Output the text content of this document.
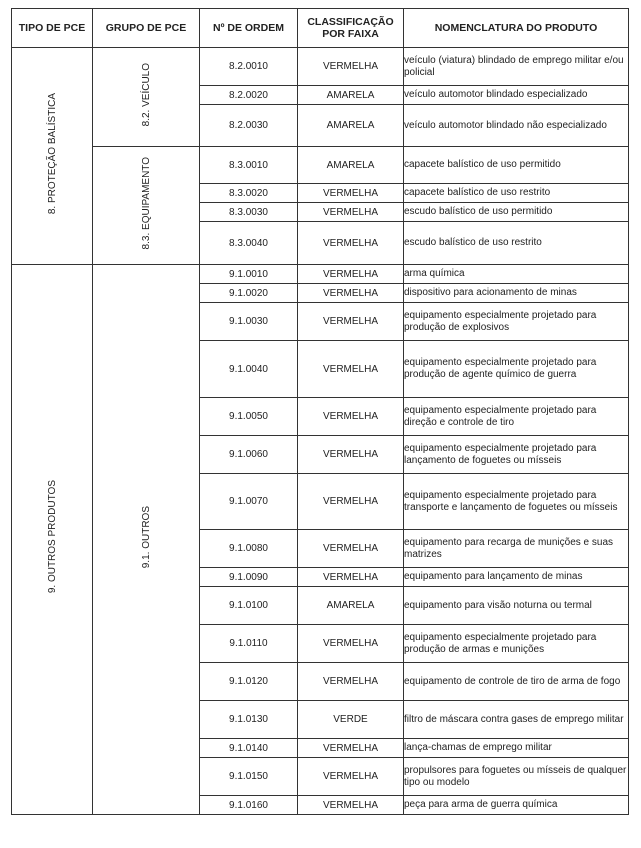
TIPO DE PCE	GRUPO DE PCE	Nº DE ORDEM	CLASSIFICAÇÃO POR FAIXA	NOMENCLATURA DO PRODUTO
8. PROTEÇÃO BALÍSTICA	8.2. VEÍCULO	8.2.0010	VERMELHA	veículo (viatura) blindado de emprego militar e/ou policial
		8.2.0020	AMARELA	veículo automotor blindado especializado
		8.2.0030	AMARELA	veículo automotor blindado não especializado
	8.3. EQUIPAMENTO	8.3.0010	AMARELA	capacete balístico de uso permitido
		8.3.0020	VERMELHA	capacete balístico de uso restrito
		8.3.0030	VERMELHA	escudo balístico de uso permitido
		8.3.0040	VERMELHA	escudo balístico de uso restrito
9. OUTROS PRODUTOS	9.1. OUTROS	9.1.0010	VERMELHA	arma química
		9.1.0020	VERMELHA	dispositivo para acionamento de minas
		9.1.0030	VERMELHA	equipamento especialmente projetado para produção de explosivos
		9.1.0040	VERMELHA	equipamento especialmente projetado para produção de agente químico de guerra
		9.1.0050	VERMELHA	equipamento especialmente projetado para direção e controle de tiro
		9.1.0060	VERMELHA	equipamento especialmente projetado para lançamento de foguetes ou mísseis
		9.1.0070	VERMELHA	equipamento especialmente projetado para transporte e lançamento de foguetes ou mísseis
		9.1.0080	VERMELHA	equipamento para recarga de munições e suas matrizes
		9.1.0090	VERMELHA	equipamento para lançamento de minas
		9.1.0100	AMARELA	equipamento para visão noturna ou termal
		9.1.0110	VERMELHA	equipamento especialmente projetado para produção de armas e munições
		9.1.0120	VERMELHA	equipamento de controle de tiro de arma de fogo
		9.1.0130	VERDE	filtro de máscara contra gases de emprego militar
		9.1.0140	VERMELHA	lança-chamas de emprego militar
		9.1.0150	VERMELHA	propulsores para foguetes ou mísseis de qualquer tipo ou modelo
		9.1.0160	VERMELHA	peça para arma de guerra química
